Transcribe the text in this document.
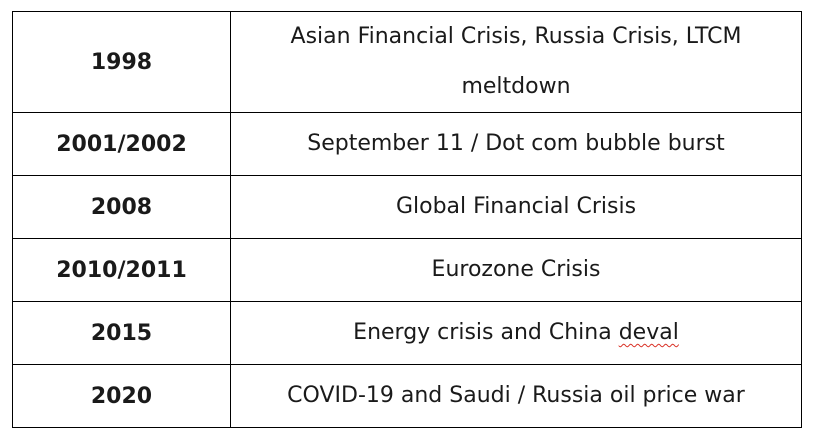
1998	Asian Financial Crisis, Russia Crisis, LTCM meltdown
2001/2002	September 11 / Dot com bubble burst
2008	Global Financial Crisis
2010/2011	Eurozone Crisis
2015	Energy crisis and China deval
2020	COVID-19 and Saudi / Russia oil price war
